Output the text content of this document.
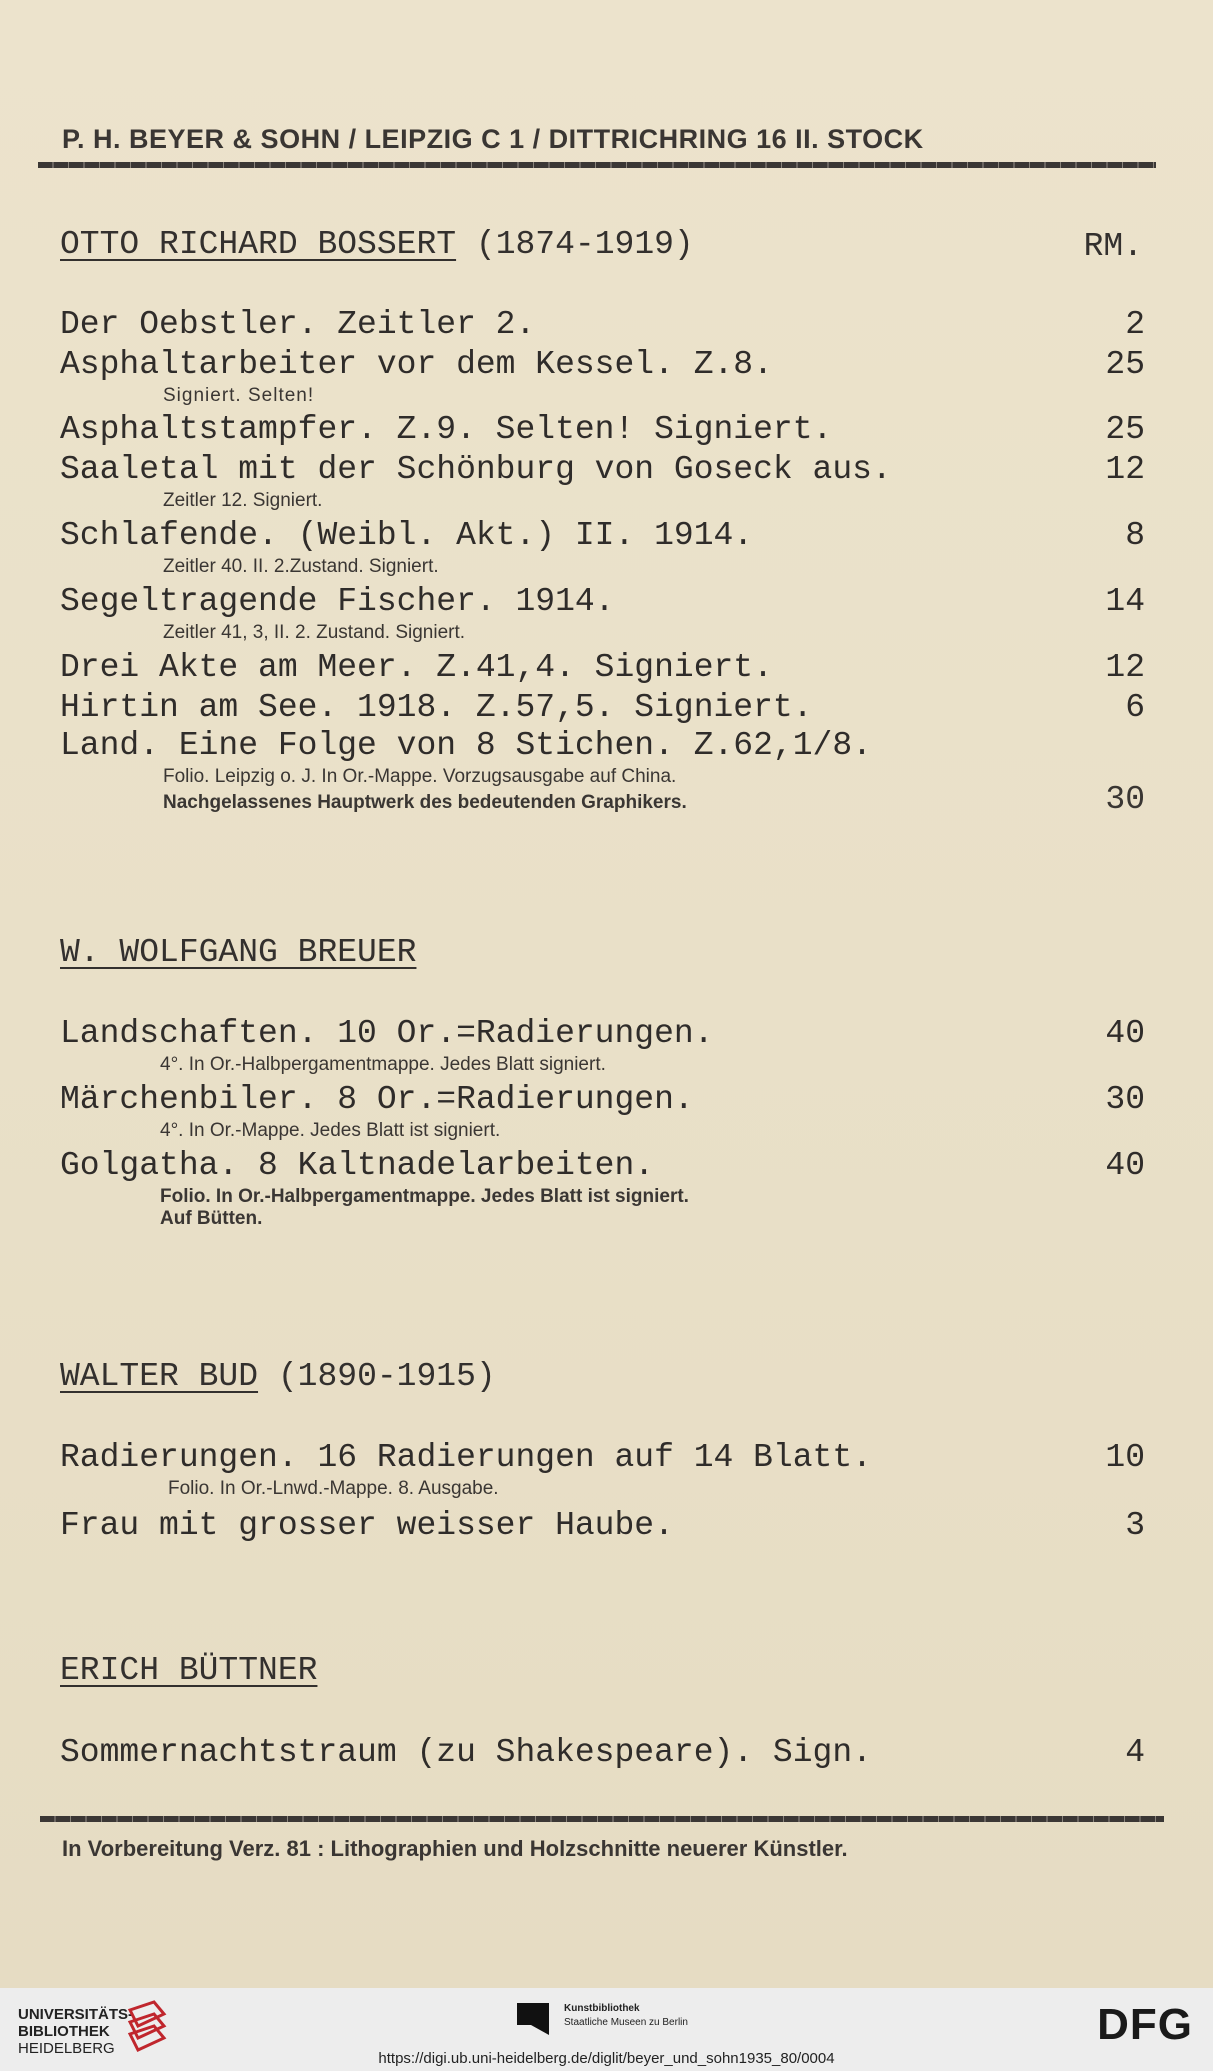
P. H. BEYER & SOHN / LEIPZIG C 1 / DITTRICHRING 16 II. STOCK
OTTO RICHARD BOSSERT (1874-1919)	RM.
Der Oebstler. Zeitler 2.	2
Asphaltarbeiter vor dem Kessel. Z.8.	25
Signiert. Selten!
Asphaltstampfer. Z.9. Selten! Signiert.	25
Saaletal mit der Schönburg von Goseck aus.	12
Zeitler 12. Signiert.
Schlafende. (Weibl. Akt.) II. 1914.	8
Zeitler 40. II. 2.Zustand. Signiert.
Segeltragende Fischer. 1914.	14
Zeitler 41, 3, II. 2. Zustand. Signiert.
Drei Akte am Meer. Z.41,4. Signiert.	12
Hirtin am See. 1918. Z.57,5. Signiert.	6
Land. Eine Folge von 8 Stichen. Z.62,1/8.
Folio. Leipzig o. J. In Or.-Mappe. Vorzugsausgabe auf China.
Nachgelassenes Hauptwerk des bedeutenden Graphikers.	30
W. WOLFGANG BREUER
Landschaften. 10 Or.=Radierungen.	40
4°. In Or.-Halbpergamentmappe. Jedes Blatt signiert.
Märchenbiler. 8 Or.=Radierungen.	30
4°. In Or.-Mappe. Jedes Blatt ist signiert.
Golgatha. 8 Kaltnadelarbeiten.	40
Folio. In Or.-Halbpergamentmappe. Jedes Blatt ist signiert.
Auf Bütten.
WALTER BUD (1890-1915)
Radierungen. 16 Radierungen auf 14 Blatt.	10
Folio. In Or.-Lnwd.-Mappe. 8. Ausgabe.
Frau mit grosser weisser Haube.	3
ERICH BÜTTNER
Sommernachtstraum (zu Shakespeare). Sign.	4
In Vorbereitung Verz. 81 : Lithographien und Holzschnitte neuerer Künstler.
UNIVERSITÄTS-
BIBLIOTHEK
HEIDELBERG
Kunstbibliothek
Staatliche Museen zu Berlin	DFG
https://digi.ub.uni-heidelberg.de/diglit/beyer_und_sohn1935_80/0004
